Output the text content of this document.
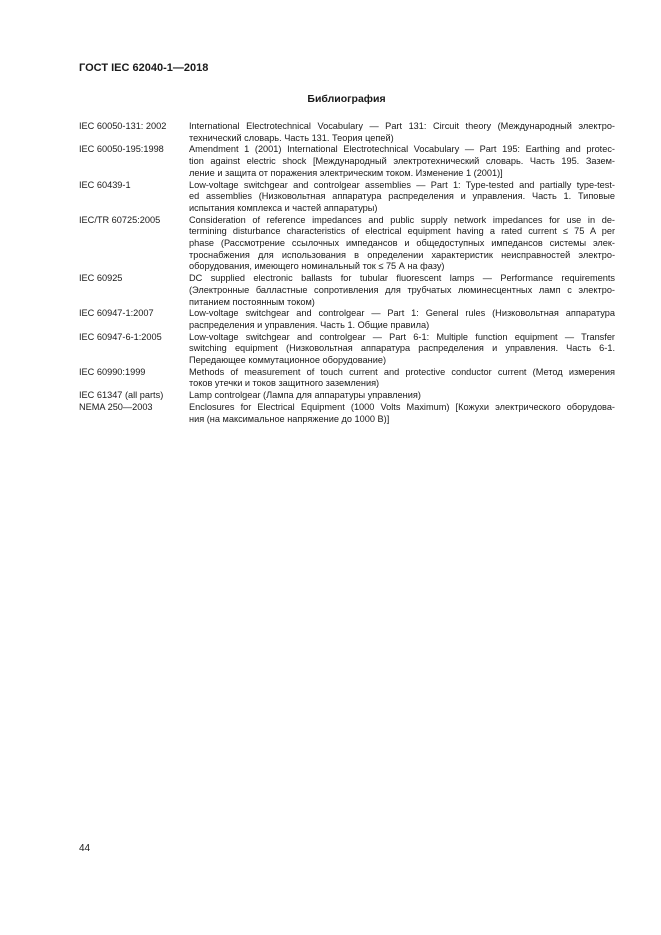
ГОСТ IEC 62040-1—2018
Библиография
IEC 60050-131: 2002	International Electrotechnical Vocabulary — Part 131: Circuit theory (Международный электро-
технический словарь. Часть 131. Теория цепей)
IEC 60050-195:1998	Amendment 1 (2001) International Electrotechnical Vocabulary — Part 195: Earthing and protec-
tion against electric shock [Международный электротехнический словарь. Часть 195. Зазем-
ление и защита от поражения электрическим током. Изменение 1 (2001)]
IEC 60439-1	Low-voltage switchgear and controlgear assemblies — Part 1: Type-tested and partially type-test-
ed assemblies (Низковольтная аппаратура распределения и управления. Часть 1. Типовые
испытания комплекса и частей аппаратуры)
IEC/TR 60725:2005	Consideration of reference impedances and public supply network impedances for use in de-
termining disturbance characteristics of electrical equipment having a rated current ≤ 75 A per
phase (Рассмотрение ссылочных импедансов и общедоступных импедансов системы элек-
троснабжения для использования в определении характеристик неисправностей электро-
оборудования, имеющего номинальный ток ≤ 75 А на фазу)
IEC 60925	DC supplied electronic ballasts for tubular fluorescent lamps — Performance requirements
(Электронные балластные сопротивления для трубчатых люминесцентных ламп с электро-
питанием постоянным током)
IEC 60947-1:2007	Low-voltage switchgear and controlgear — Part 1: General rules (Низковольтная аппаратура
распределения и управления. Часть 1. Общие правила)
IEC 60947-6-1:2005	Low-voltage switchgear and controlgear — Part 6-1: Multiple function equipment — Transfer
switching equipment (Низковольтная аппаратура распределения и управления. Часть 6-1.
Передающее коммутационное оборудование)
IEC 60990:1999	Methods of measurement of touch current and protective conductor current (Метод измерения
токов утечки и токов защитного заземления)
IEC 61347 (all parts)	Lamp controlgear (Лампа для аппаратуры управления)
NEMA 250—2003	Enclosures for Electrical Equipment (1000 Volts Maximum) [Кожухи электрического оборудова-
ния (на максимальное напряжение до 1000 В)]
44
